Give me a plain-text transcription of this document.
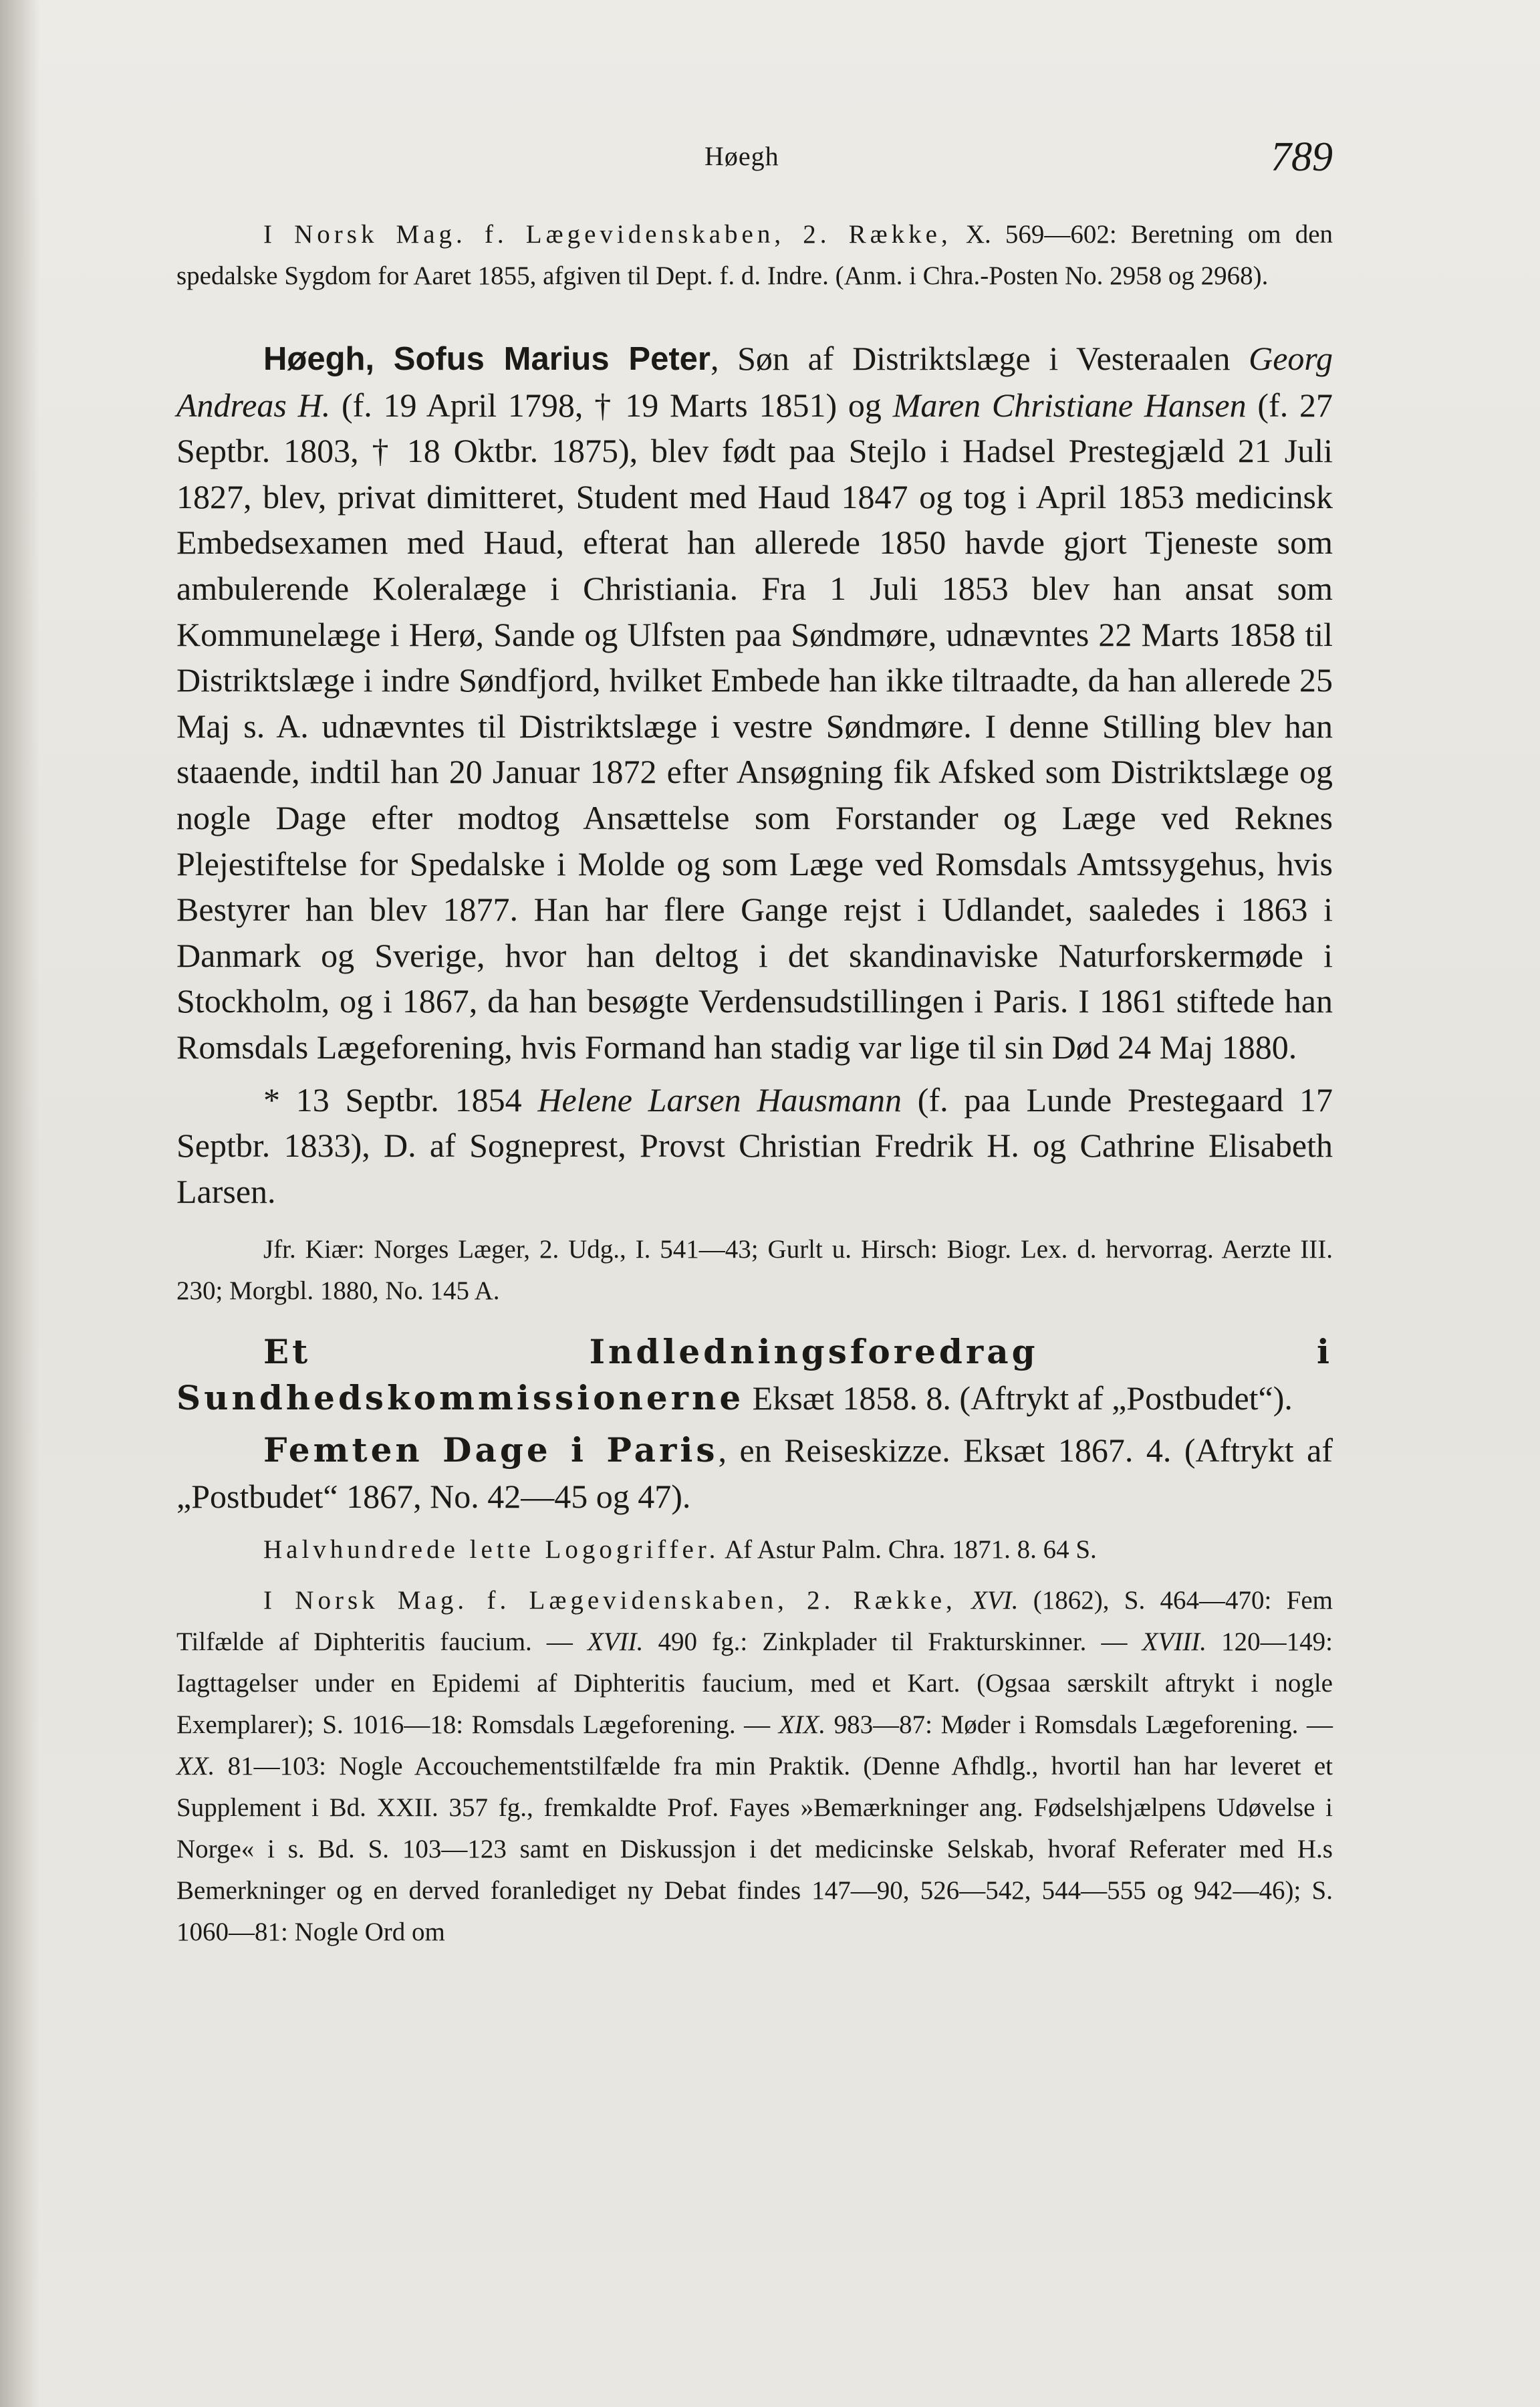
Høegh	789

I Norsk Mag. f. Lægevidenskaben, 2. Række, X. 569—602: Beretning om den spedalske Sygdom for Aaret 1855, afgiven til Dept. f. d. Indre. (Anm. i Chra.-Posten No. 2958 og 2968).

Høegh, Sofus Marius Peter, Søn af Distriktslæge i Vesteraalen Georg Andreas H. (f. 19 April 1798, † 19 Marts 1851) og Maren Christiane Hansen (f. 27 Septbr. 1803, † 18 Oktbr. 1875), blev født paa Stejlo i Hadsel Prestegjæld 21 Juli 1827, blev, privat dimitteret, Student med Haud 1847 og tog i April 1853 medicinsk Embedsexamen med Haud, efterat han allerede 1850 havde gjort Tjeneste som ambulerende Koleralæge i Christiania. Fra 1 Juli 1853 blev han ansat som Kommunelæge i Herø, Sande og Ulfsten paa Søndmøre, udnævntes 22 Marts 1858 til Distriktslæge i indre Søndfjord, hvilket Embede han ikke tiltraadte, da han allerede 25 Maj s. A. udnævntes til Distriktslæge i vestre Søndmøre. I denne Stilling blev han staaende, indtil han 20 Januar 1872 efter Ansøgning fik Afsked som Distriktslæge og nogle Dage efter modtog Ansættelse som Forstander og Læge ved Reknes Plejestiftelse for Spedalske i Molde og som Læge ved Romsdals Amtssygehus, hvis Bestyrer han blev 1877. Han har flere Gange rejst i Udlandet, saaledes i 1863 i Danmark og Sverige, hvor han deltog i det skandinaviske Naturforskermøde i Stockholm, og i 1867, da han besøgte Verdensudstillingen i Paris. I 1861 stiftede han Romsdals Lægeforening, hvis Formand han stadig var lige til sin Død 24 Maj 1880.

* 13 Septbr. 1854 Helene Larsen Hausmann (f. paa Lunde Prestegaard 17 Septbr. 1833), D. af Sogneprest, Provst Christian Fredrik H. og Cathrine Elisabeth Larsen.

Jfr. Kiær: Norges Læger, 2. Udg., I. 541—43; Gurlt u. Hirsch: Biogr. Lex. d. hervorrag. Aerzte III. 230; Morgbl. 1880, No. 145 A.

Et Indledningsforedrag i Sundhedskommissionerne Eksæt 1858. 8. (Aftrykt af „Postbudet“).

Femten Dage i Paris, en Reiseskizze. Eksæt 1867. 4. (Aftrykt af „Postbudet“ 1867, No. 42—45 og 47).

Halvhundrede lette Logogriffer. Af Astur Palm. Chra. 1871. 8. 64 S.

I Norsk Mag. f. Lægevidenskaben, 2. Række, XVI. (1862), S. 464—470: Fem Tilfælde af Diphteritis faucium. — XVII. 490 fg.: Zinkplader til Frakturskinner. — XVIII. 120—149: Iagttagelser under en Epidemi af Diphteritis faucium, med et Kart. (Ogsaa særskilt aftrykt i nogle Exemplarer); S. 1016—18: Romsdals Lægeforening. — XIX. 983—87: Møder i Romsdals Lægeforening. — XX. 81—103: Nogle Accouchementstilfælde fra min Praktik. (Denne Afhdlg., hvortil han har leveret et Supplement i Bd. XXII. 357 fg., fremkaldte Prof. Fayes »Bemærkninger ang. Fødselshjælpens Udøvelse i Norge« i s. Bd. S. 103—123 samt en Diskussjon i det medicinske Selskab, hvoraf Referater med H.s Bemerkninger og en derved foranlediget ny Debat findes 147—90, 526—542, 544—555 og 942—46); S. 1060—81: Nogle Ord om
